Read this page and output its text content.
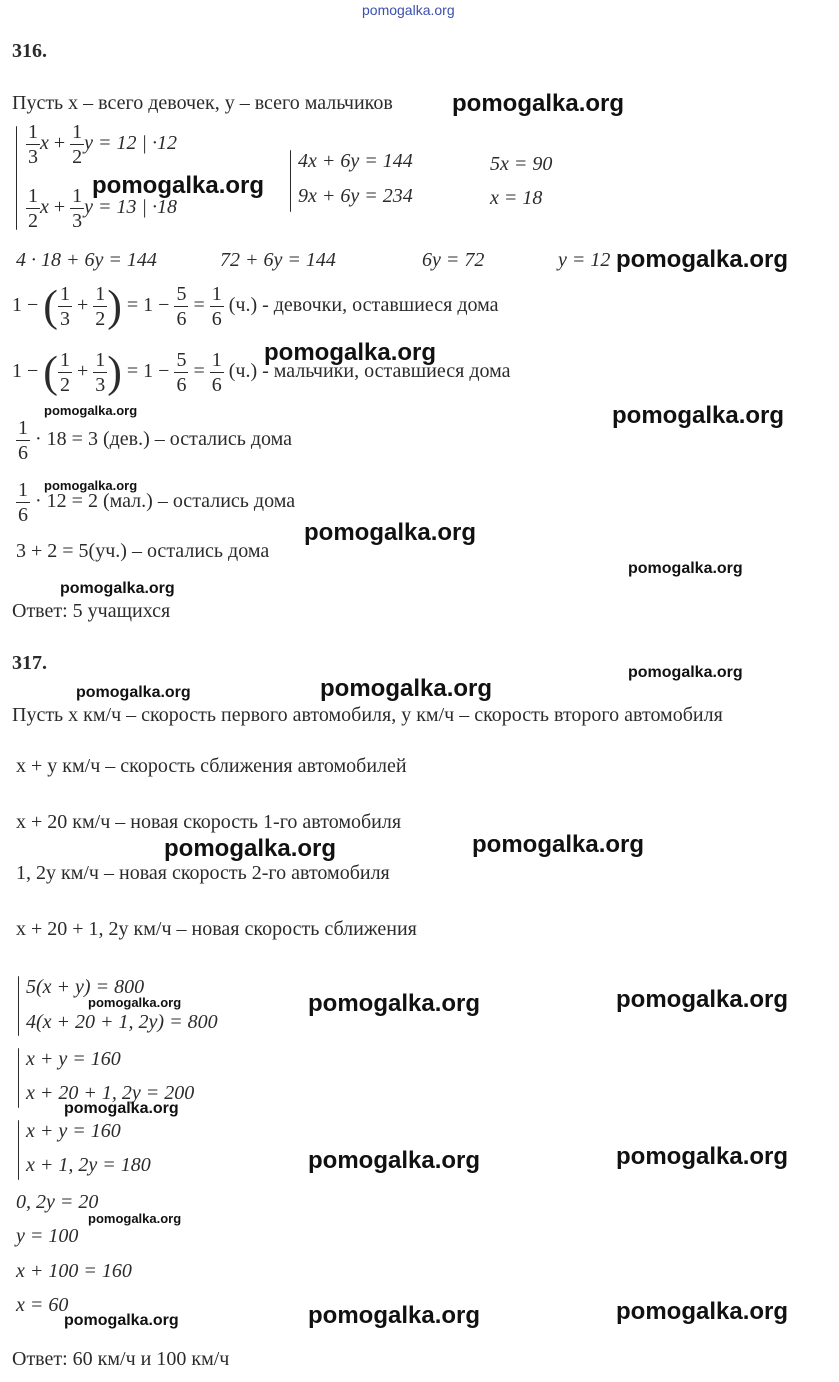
pomogalka.org
316.
Пусть x – всего девочек, y – всего мальчиков
$\frac{1}{3}$ $x + \frac{1}{2}$ y = 12 | ·12
$\frac{1}{2}$ $x + \frac{1}{3}$ y = 13 | ·18
4x + 6y = 144
9x + 6y = 234
5x = 90
x = 18
4 · 18 + 6y = 144	72 + 6y = 144	6y = 72	y = 12
1 − ( $\frac{1}{3} + \frac{1}{2}$ ) = $1 - \frac{5}{6} = \frac{1}{6} (ч.)$ - девочки, оставшиеся дома
1 − ( $\frac{1}{2} + \frac{1}{3}$ ) = $1 - \frac{5}{6} = \frac{1}{6} (ч.)$ - мальчики, оставшиеся дома
$\frac{1}{6} \cdot 18 = 3$ (дев.) – остались дома
$\frac{1}{6} \cdot 12 = 2$ (мал.) – остались дома
3 + 2 = 5(уч.) – остались дома
Ответ: 5 учащихся
317.
Пусть x км/ч – скорость первого автомобиля, y км/ч – скорость второго автомобиля
x + y км/ч – скорость сближения автомобилей
x + 20 км/ч – новая скорость 1-го автомобиля
1, 2y км/ч – новая скорость 2-го автомобиля
x + 20 + 1, 2y км/ч – новая скорость сближения
5(x + y) = 800
4(x + 20 + 1, 2y) = 800
x + y = 160
x + 20 + 1, 2y = 200
x + y = 160
x + 1, 2y = 180
0, 2y = 20
y = 100
x + 100 = 160
x = 60
Ответ: 60 км/ч и 100 км/ч
pomogalka.org
pomogalka.org
pomogalka.org
pomogalka.org
pomogalka.org	pomogalka.org
pomogalka.org
pomogalka.org
pomogalka.org
pomogalka.org
pomogalka.org
pomogalka.org	pomogalka.org
pomogalka.org	pomogalka.org
pomogalka.org	pomogalka.org	pomogalka.org
pomogalka.org
pomogalka.org	pomogalka.org
pomogalka.org
pomogalka.org	pomogalka.org	pomogalka.org
